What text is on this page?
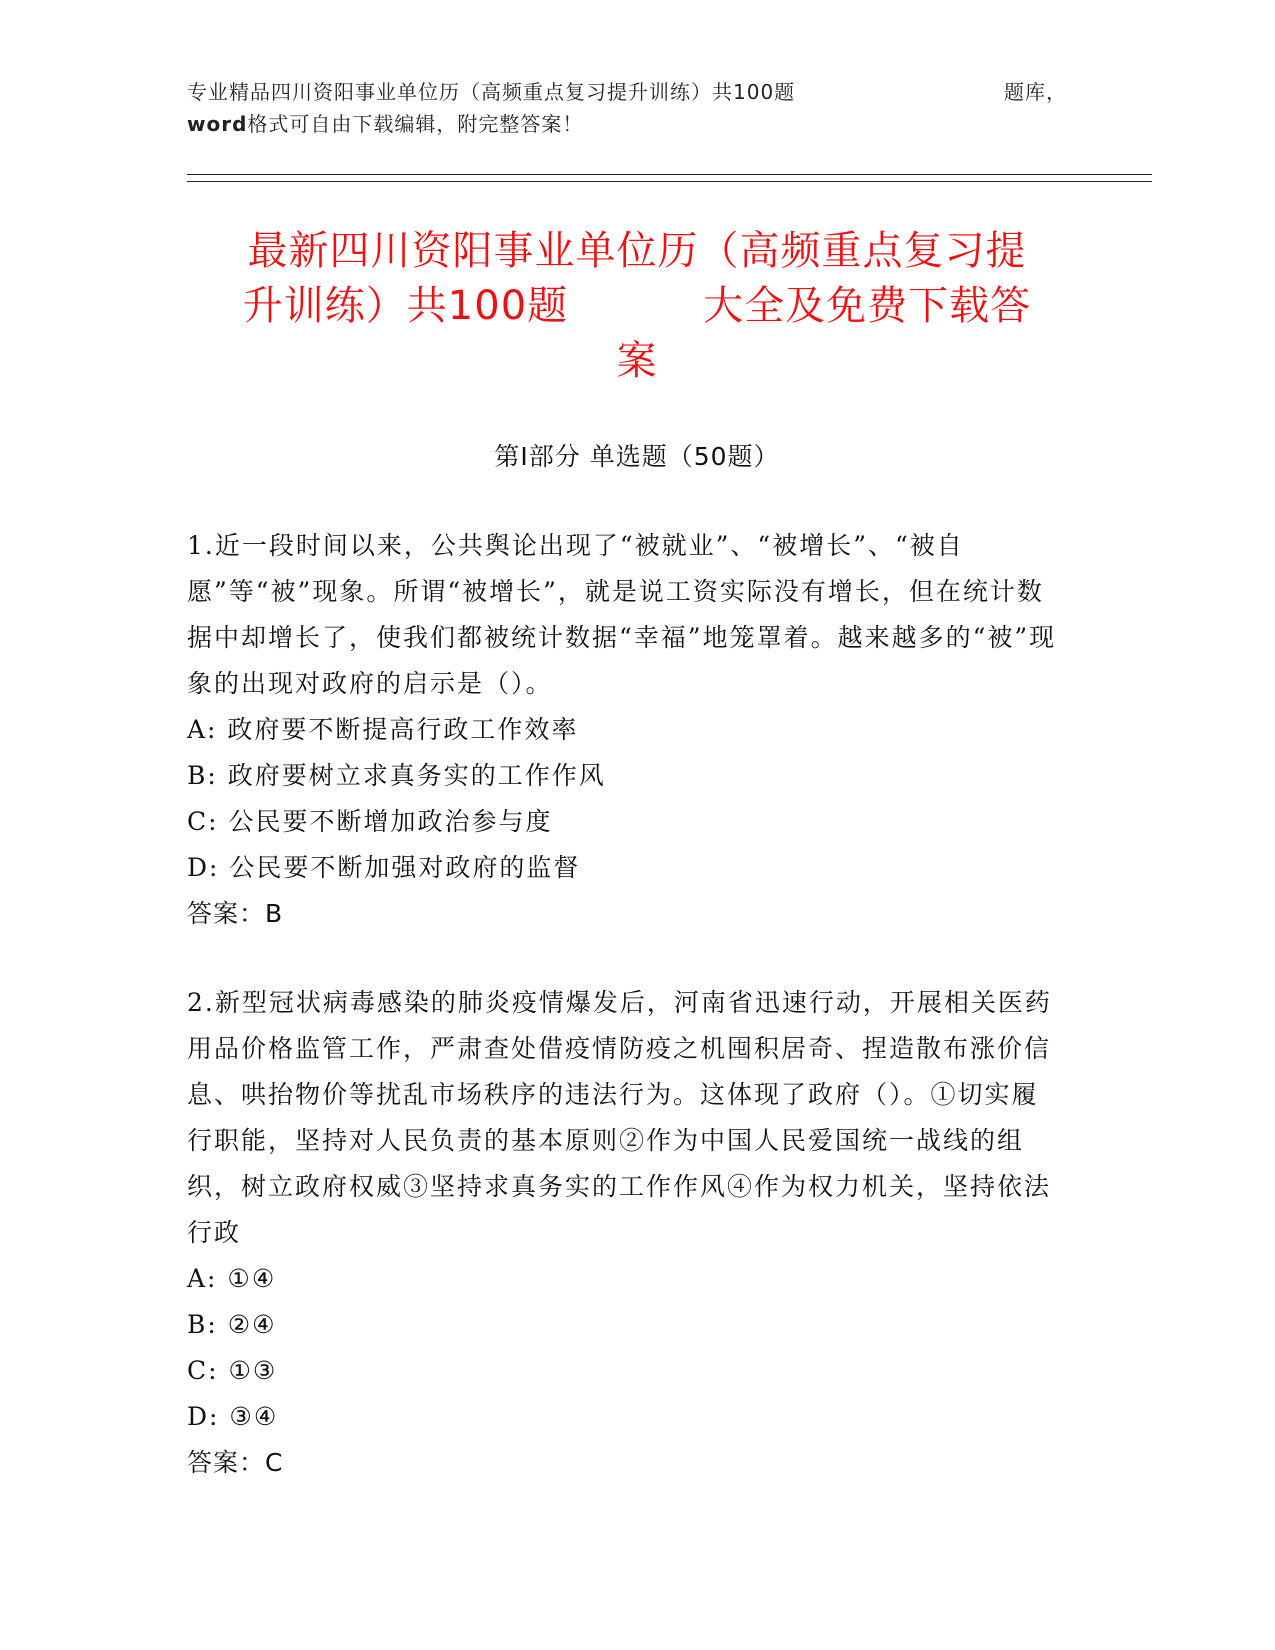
专业精品四川资阳事业单位历（高频重点复习提升训练）共100题	题库，
word 格式可自由下载编辑，附完整答案！
最新四川资阳事业单位历（高频重点复习提
升训练）共100题	大全及免费下载答
案
第Ⅰ部分 单选题（50题）

1.近一段时间以来，公共舆论出现了“被就业”、“被增长”、“被自愿”等“被”现象。所谓“被增长”，就是说工资实际没有增长，但在统计数据中却增长了，使我们都被统计数据“幸福”地笼罩着。越来越多的“被”现象的出现对政府的启示是（）。

A: 政府要不断提高行政工作效率

B: 政府要树立求真务实的工作作风

C: 公民要不断增加政治参与度

D: 公民要不断加强对政府的监督

答案：B

2.新型冠状病毒感染的肺炎疫情爆发后，河南省迅速行动，开展相关医药用品价格监管工作，严肃查处借疫情防疫之机囤积居奇、捏造散布涨价信息、哄抬物价等扰乱市场秩序的违法行为。这体现了政府（）。①切实履行职能，坚持对人民负责的基本原则②作为中国人民爱国统一战线的组织，树立政府权威③坚持求真务实的工作作风④作为权力机关，坚持依法行政

A: ①④

B: ②④

C: ①③

D: ③④

答案：C
